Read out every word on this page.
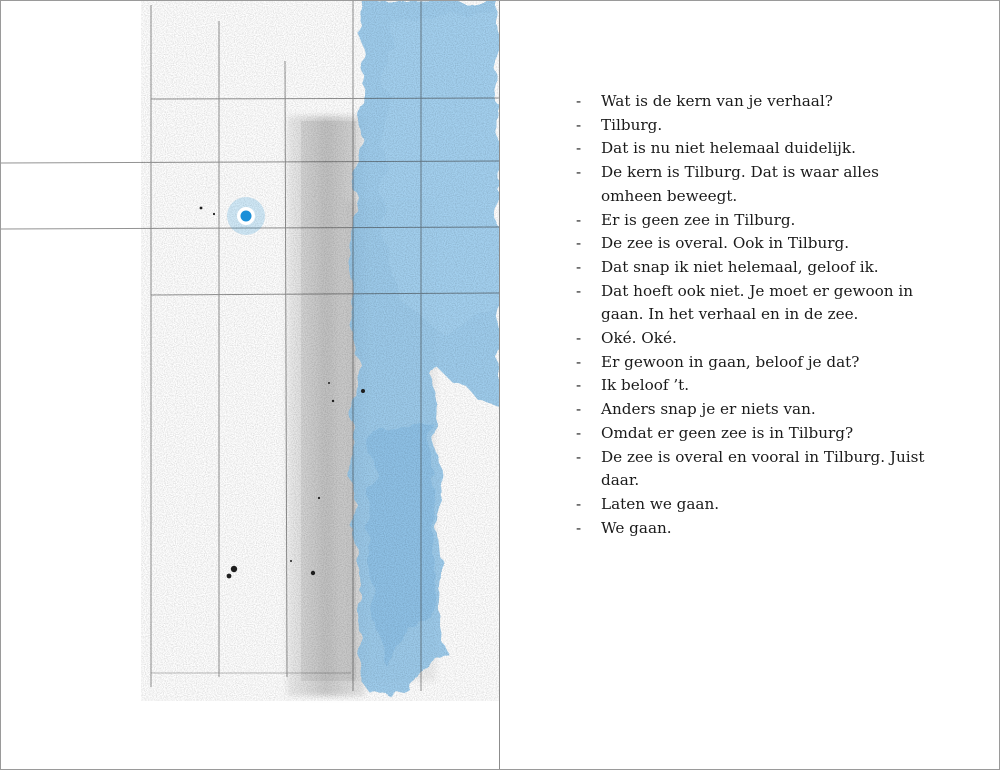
- Wat is de kern van je verhaal?
- Tilburg.
- Dat is nu niet helemaal duidelijk.
- De kern is Tilburg. Dat is waar alles omheen beweegt.
- Er is geen zee in Tilburg.
- De zee is overal. Ook in Tilburg.
- Dat snap ik niet helemaal, geloof ik.
- Dat hoeft ook niet. Je moet er gewoon in gaan. In het verhaal en in de zee.
- Oké. Oké.
- Er gewoon in gaan, beloof je dat?
- Ik beloof ’t.
- Anders snap je er niets van.
- Omdat er geen zee is in Tilburg?
- De zee is overal en vooral in Tilburg. Juist daar.
- Laten we gaan.
- We gaan.
